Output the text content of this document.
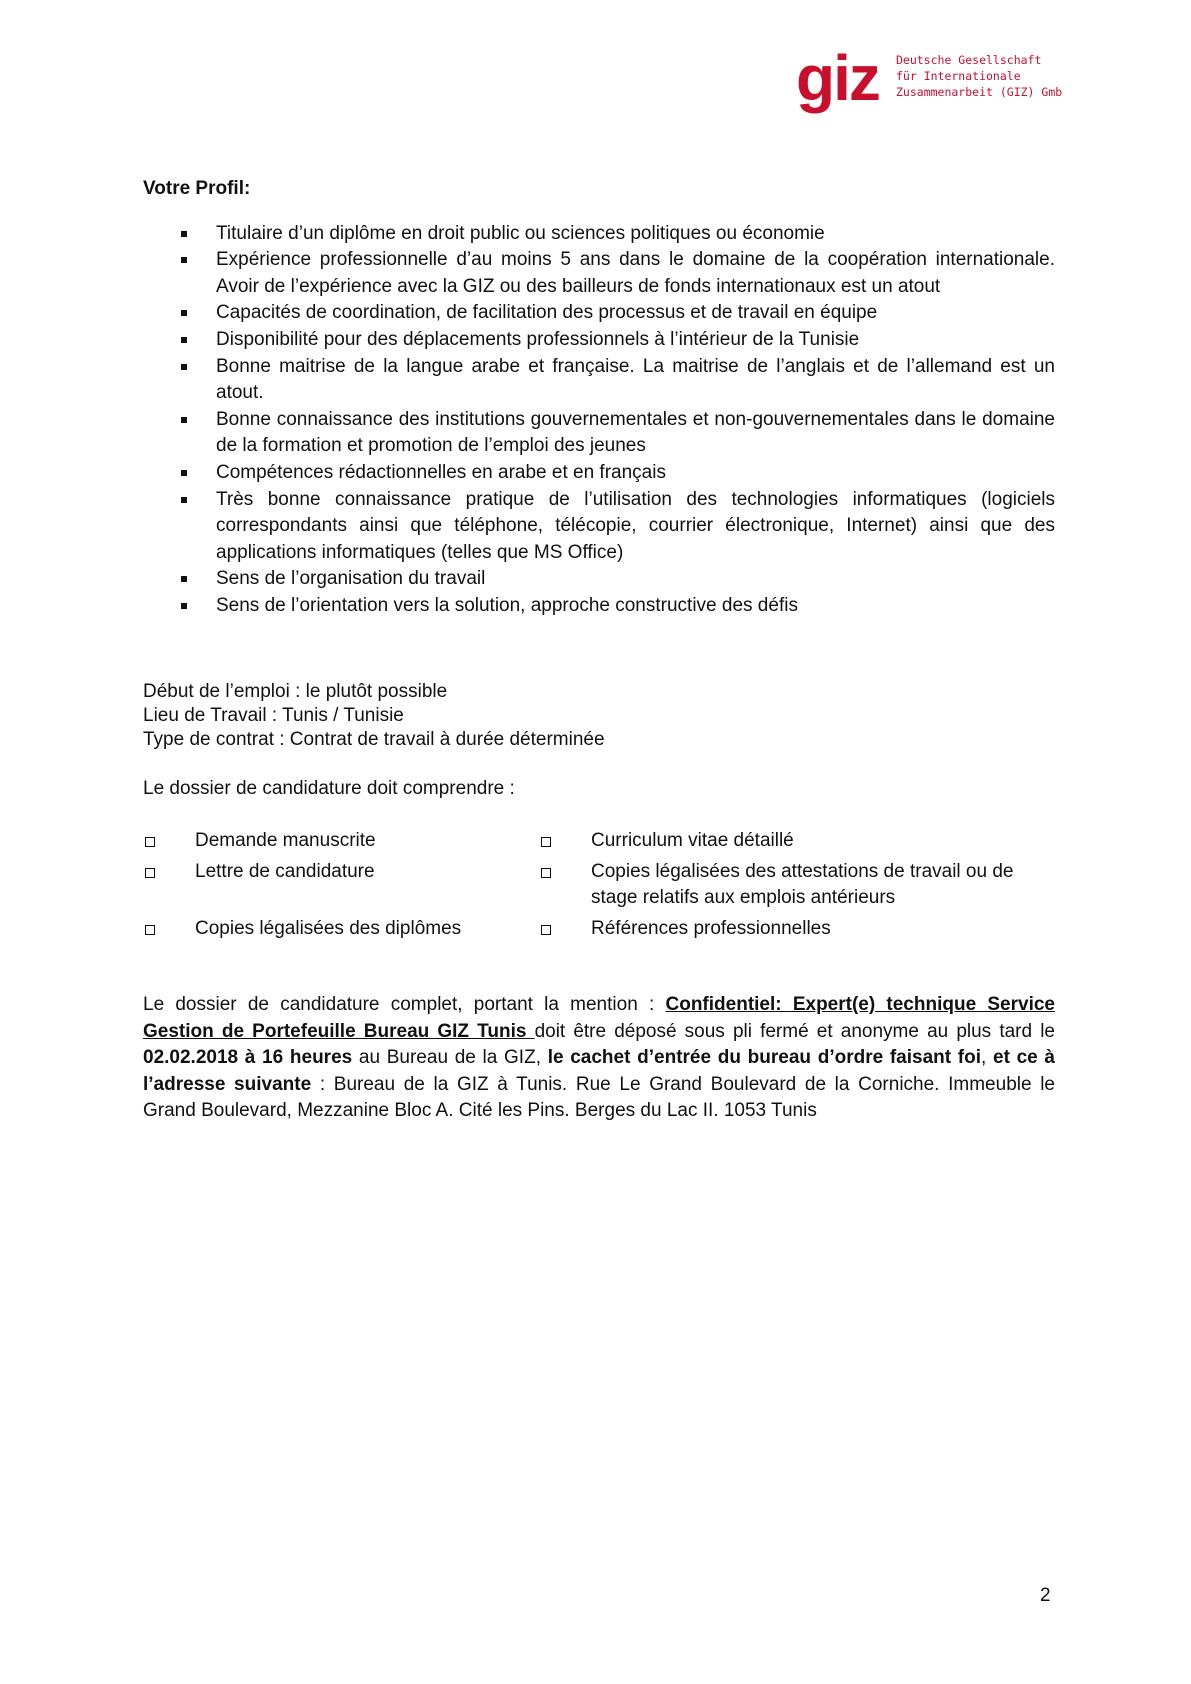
giz Deutsche Gesellschaft
für Internationale
Zusammenarbeit (GIZ) Gmb
Votre Profil:
Titulaire d’un diplôme en droit public ou sciences politiques ou économie
Expérience professionnelle d’au moins 5 ans dans le domaine de la coopération internationale. Avoir de l’expérience avec la GIZ ou des bailleurs de fonds internationaux est un atout
Capacités de coordination, de facilitation des processus et de travail en équipe
Disponibilité pour des déplacements professionnels à l’intérieur de la Tunisie
Bonne maitrise de la langue arabe et française. La maitrise de l’anglais et de l’allemand est un atout.
Bonne connaissance des institutions gouvernementales et non-gouvernementales dans le domaine de la formation et promotion de l’emploi des jeunes
Compétences rédactionnelles en arabe et en français
Très bonne connaissance pratique de l’utilisation des technologies informatiques (logiciels correspondants ainsi que téléphone, télécopie, courrier électronique, Internet) ainsi que des applications informatiques (telles que MS Office)
Sens de l’organisation du travail
Sens de l’orientation vers la solution, approche constructive des défis
Début de l’emploi : le plutôt possible
Lieu de Travail : Tunis / Tunisie
Type de contrat : Contrat de travail à durée déterminée
Le dossier de candidature doit comprendre :
Demande manuscrite	Curriculum vitae détaillé
Lettre de candidature	Copies légalisées des attestations de travail ou de stage relatifs aux emplois antérieurs
Copies légalisées des diplômes	Références professionnelles
Le dossier de candidature complet, portant la mention : Confidentiel: Expert(e) technique Service Gestion de Portefeuille Bureau GIZ Tunis doit être déposé sous pli fermé et anonyme au plus tard le 02.02.2018 à 16 heures au Bureau de la GIZ, le cachet d’entrée du bureau d’ordre faisant foi, et ce à l’adresse suivante : Bureau de la GIZ à Tunis. Rue Le Grand Boulevard de la Corniche. Immeuble le Grand Boulevard, Mezzanine Bloc A. Cité les Pins. Berges du Lac II. 1053 Tunis
2
